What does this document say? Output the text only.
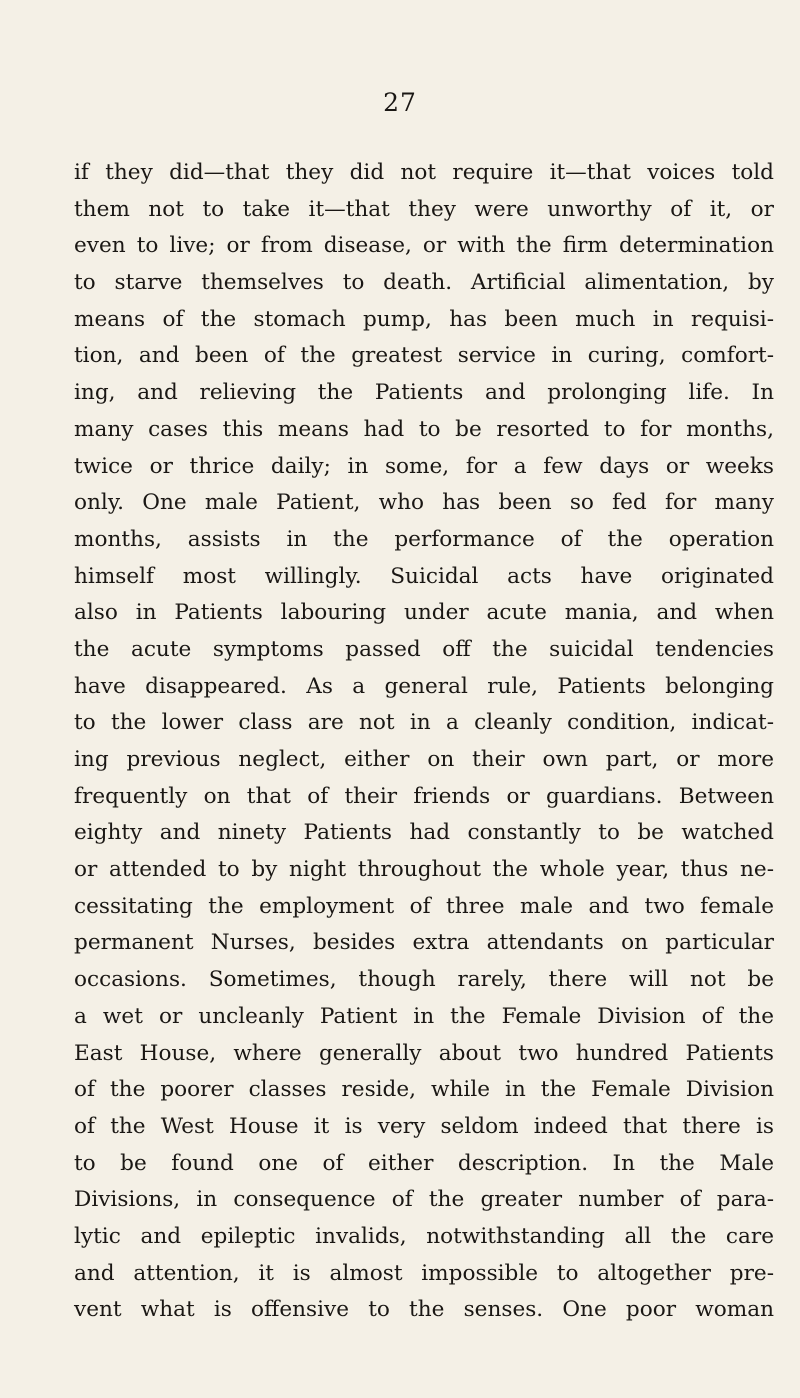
27
if they did—that they did not require it—that voices told
them not to take it—that they were unworthy of it, or
even to live; or from disease, or with the firm determination
to starve themselves to death. Artificial alimentation, by
means of the stomach pump, has been much in requisi-
tion, and been of the greatest service in curing, comfort-
ing, and relieving the Patients and prolonging life. In
many cases this means had to be resorted to for months,
twice or thrice daily; in some, for a few days or weeks
only. One male Patient, who has been so fed for many
months, assists in the performance of the operation
himself most willingly. Suicidal acts have originated
also in Patients labouring under acute mania, and when
the acute symptoms passed off the suicidal tendencies
have disappeared. As a general rule, Patients belonging
to the lower class are not in a cleanly condition, indicat-
ing previous neglect, either on their own part, or more
frequently on that of their friends or guardians. Between
eighty and ninety Patients had constantly to be watched
or attended to by night throughout the whole year, thus ne-
cessitating the employment of three male and two female
permanent Nurses, besides extra attendants on particular
occasions. Sometimes, though rarely, there will not be
a wet or uncleanly Patient in the Female Division of the
East House, where generally about two hundred Patients
of the poorer classes reside, while in the Female Division
of the West House it is very seldom indeed that there is
to be found one of either description. In the Male
Divisions, in consequence of the greater number of para-
lytic and epileptic invalids, notwithstanding all the care
and attention, it is almost impossible to altogether pre-
vent what is offensive to the senses. One poor woman
